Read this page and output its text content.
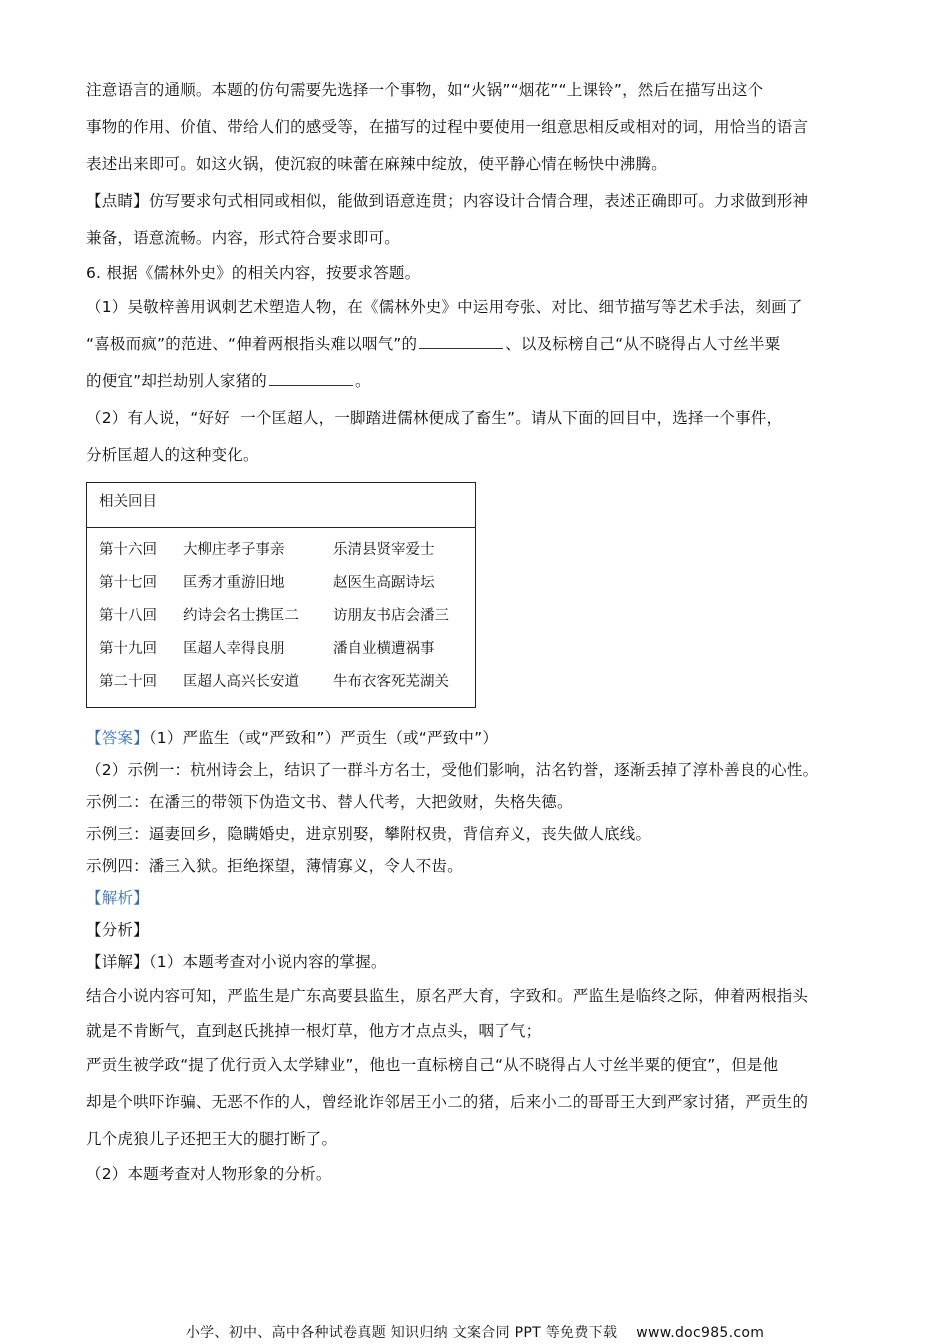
注意语言的通顺。本题的仿句需要先选择一个事物，如“火锅”“烟花”“上课铃”，然后在描写出这个
事物的作用、价值、带给人们的感受等，在描写的过程中要使用一组意思相反或相对的词，用恰当的语言
表述出来即可。如这火锅，使沉寂的味蕾在麻辣中绽放，使平静心情在畅快中沸腾。
【点睛】仿写要求句式相同或相似，能做到语意连贯；内容设计合情合理，表述正确即可。力求做到形神
兼备，语意流畅。内容，形式符合要求即可。
6. 根据《儒林外史》的相关内容，按要求答题。
（1）吴敬梓善用讽刺艺术塑造人物，在《儒林外史》中运用夸张、对比、细节描写等艺术手法，刻画了
“喜极而疯”的范进、“伸着两根指头难以咽气”的	、以及标榜自己“从不晓得占人寸丝半粟
的便宜”却拦劫别人家猪的	。
（2）有人说，“好好  一个匡超人，一脚踏进儒林便成了畜生”。请从下面的回目中，选择一个事件，
分析匡超人的这种变化。
相关回目
第十六回	大柳庄孝子事亲	乐清县贤宰爱士
第十七回	匡秀才重游旧地	赵医生高踞诗坛
第十八回	约诗会名士携匡二	访朋友书店会潘三
第十九回	匡超人幸得良朋	潘自业横遭祸事
第二十回	匡超人高兴长安道	牛布衣客死芜湖关
【答案】（1）严监生（或“严致和”）严贡生（或“严致中”）
（2）示例一：杭州诗会上，结识了一群斗方名士，受他们影响，沽名钓誉，逐渐丢掉了淳朴善良的心性。
示例二：在潘三的带领下伪造文书、替人代考，大把敛财，失格失德。
示例三：逼妻回乡，隐瞒婚史，进京别娶，攀附权贵，背信弃义，丧失做人底线。
示例四：潘三入狱。拒绝探望，薄情寡义，令人不齿。
【解析】
【分析】
【详解】（1）本题考查对小说内容的掌握。
结合小说内容可知，严监生是广东高要县监生，原名严大育，字致和。严监生是临终之际，伸着两根指头
就是不肯断气，直到赵氏挑掉一根灯草，他方才点点头，咽了气；
严贡生被学政“提了优行贡入太学肄业”，他也一直标榜自己“从不晓得占人寸丝半粟的便宜”，但是他
却是个哄吓诈骗、无恶不作的人，曾经讹诈邻居王小二的猪，后来小二的哥哥王大到严家讨猪，严贡生的
几个虎狼儿子还把王大的腿打断了。
（2）本题考查对人物形象的分析。
小学、初中、高中各种试卷真题 知识归纳 文案合同 PPT 等免费下载    www.doc985.com
